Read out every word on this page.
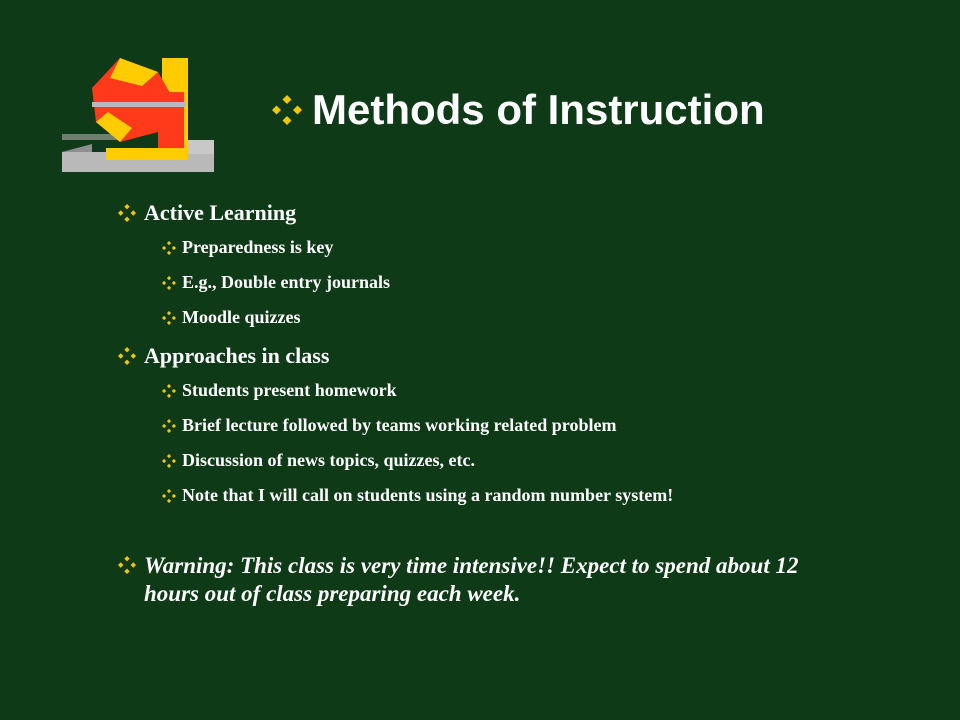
Methods of Instruction
Active Learning
Preparedness is key
E.g., Double entry journals
Moodle quizzes
Approaches in class
Students present homework
Brief lecture followed by teams working related problem
Discussion of news topics, quizzes, etc.
Note that I will call on students using a random number system!
Warning: This class is very time intensive!! Expect to spend about 12 hours out of class preparing each week.
